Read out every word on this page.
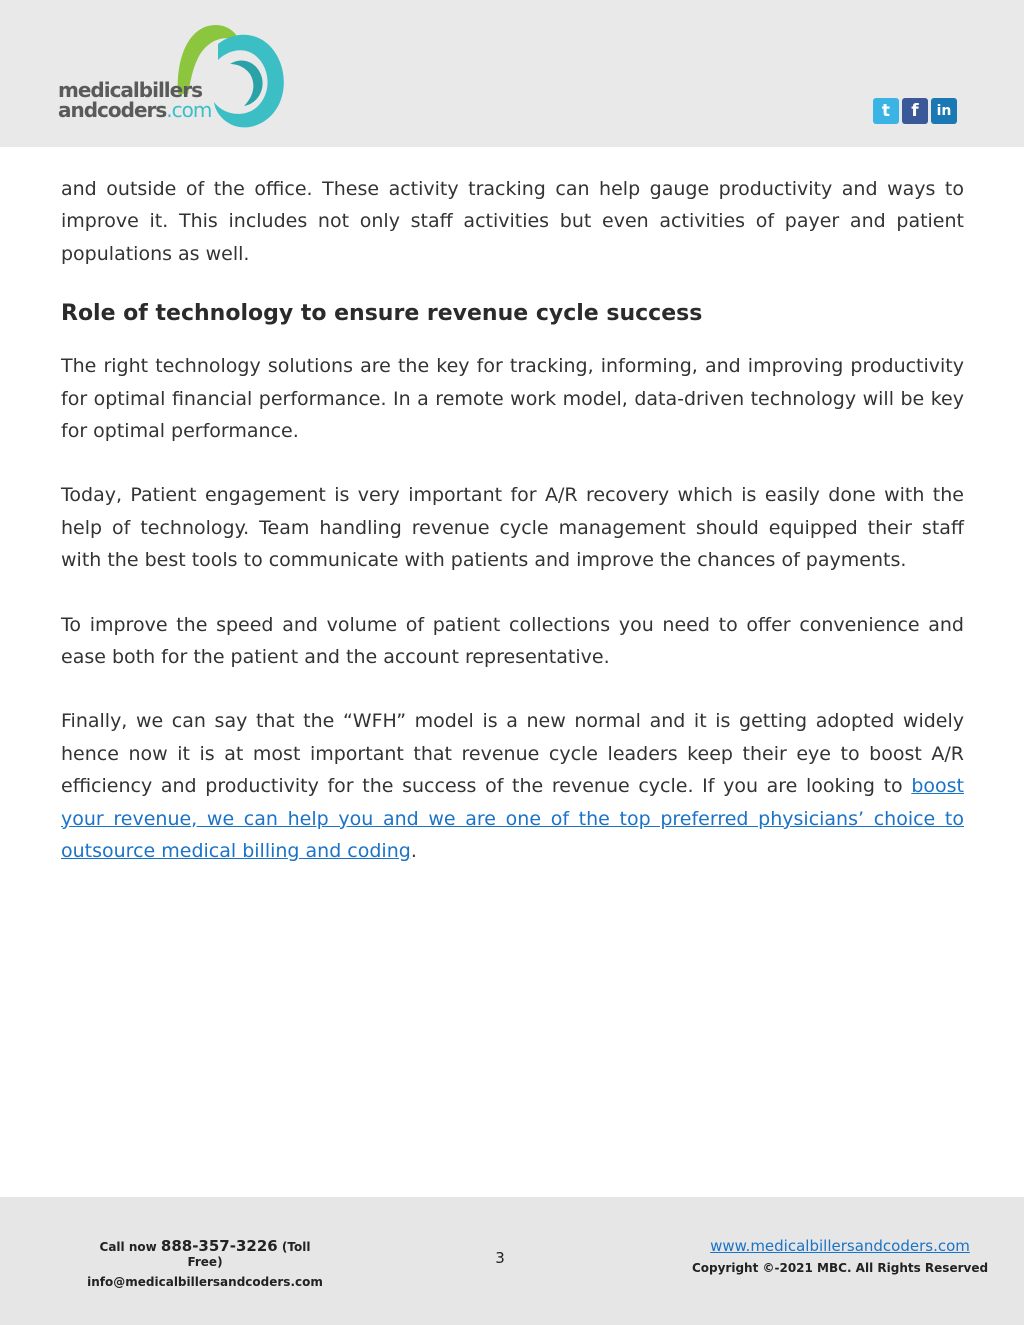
medicalbillers
andcoders.com	t	f	in

and outside of the office. These activity tracking can help gauge productivity and ways to improve it. This includes not only staff activities but even activities of payer and patient populations as well.

Role of technology to ensure revenue cycle success

The right technology solutions are the key for tracking, informing, and improving productivity for optimal financial performance. In a remote work model, data-driven technology will be key for optimal performance.

Today, Patient engagement is very important for A/R recovery which is easily done with the help of technology. Team handling revenue cycle management should equipped their staff with the best tools to communicate with patients and improve the chances of payments.

To improve the speed and volume of patient collections you need to offer convenience and ease both for the patient and the account representative.

Finally, we can say that the “WFH” model is a new normal and it is getting adopted widely hence now it is at most important that revenue cycle leaders keep their eye to boost A/R efficiency and productivity for the success of the revenue cycle. If you are looking to boost your revenue, we can help you and we are one of the top preferred physicians’ choice to outsource medical billing and coding.

Call now 888-357-3226 (Toll Free)
info@medicalbillersandcoders.com
3
www.medicalbillersandcoders.com
Copyright ©-2021 MBC. All Rights Reserved
